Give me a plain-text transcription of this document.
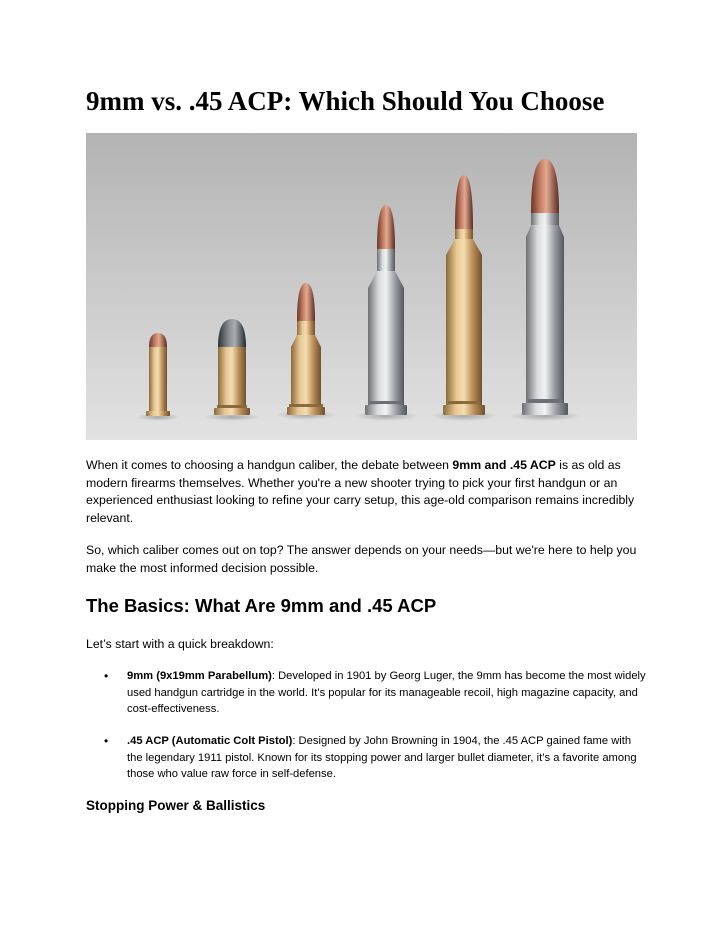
9mm vs. .45 ACP: Which Should You Choose

When it comes to choosing a handgun caliber, the debate between 9mm and .45 ACP is as old as modern firearms themselves. Whether you're a new shooter trying to pick your first handgun or an experienced enthusiast looking to refine your carry setup, this age-old comparison remains incredibly relevant.

So, which caliber comes out on top? The answer depends on your needs—but we're here to help you make the most informed decision possible.

The Basics: What Are 9mm and .45 ACP

Let’s start with a quick breakdown:

• 9mm (9x19mm Parabellum): Developed in 1901 by Georg Luger, the 9mm has become the most widely used handgun cartridge in the world. It’s popular for its manageable recoil, high magazine capacity, and cost-effectiveness.
• .45 ACP (Automatic Colt Pistol): Designed by John Browning in 1904, the .45 ACP gained fame with the legendary 1911 pistol. Known for its stopping power and larger bullet diameter, it’s a favorite among those who value raw force in self-defense.
Stopping Power & Ballistics
